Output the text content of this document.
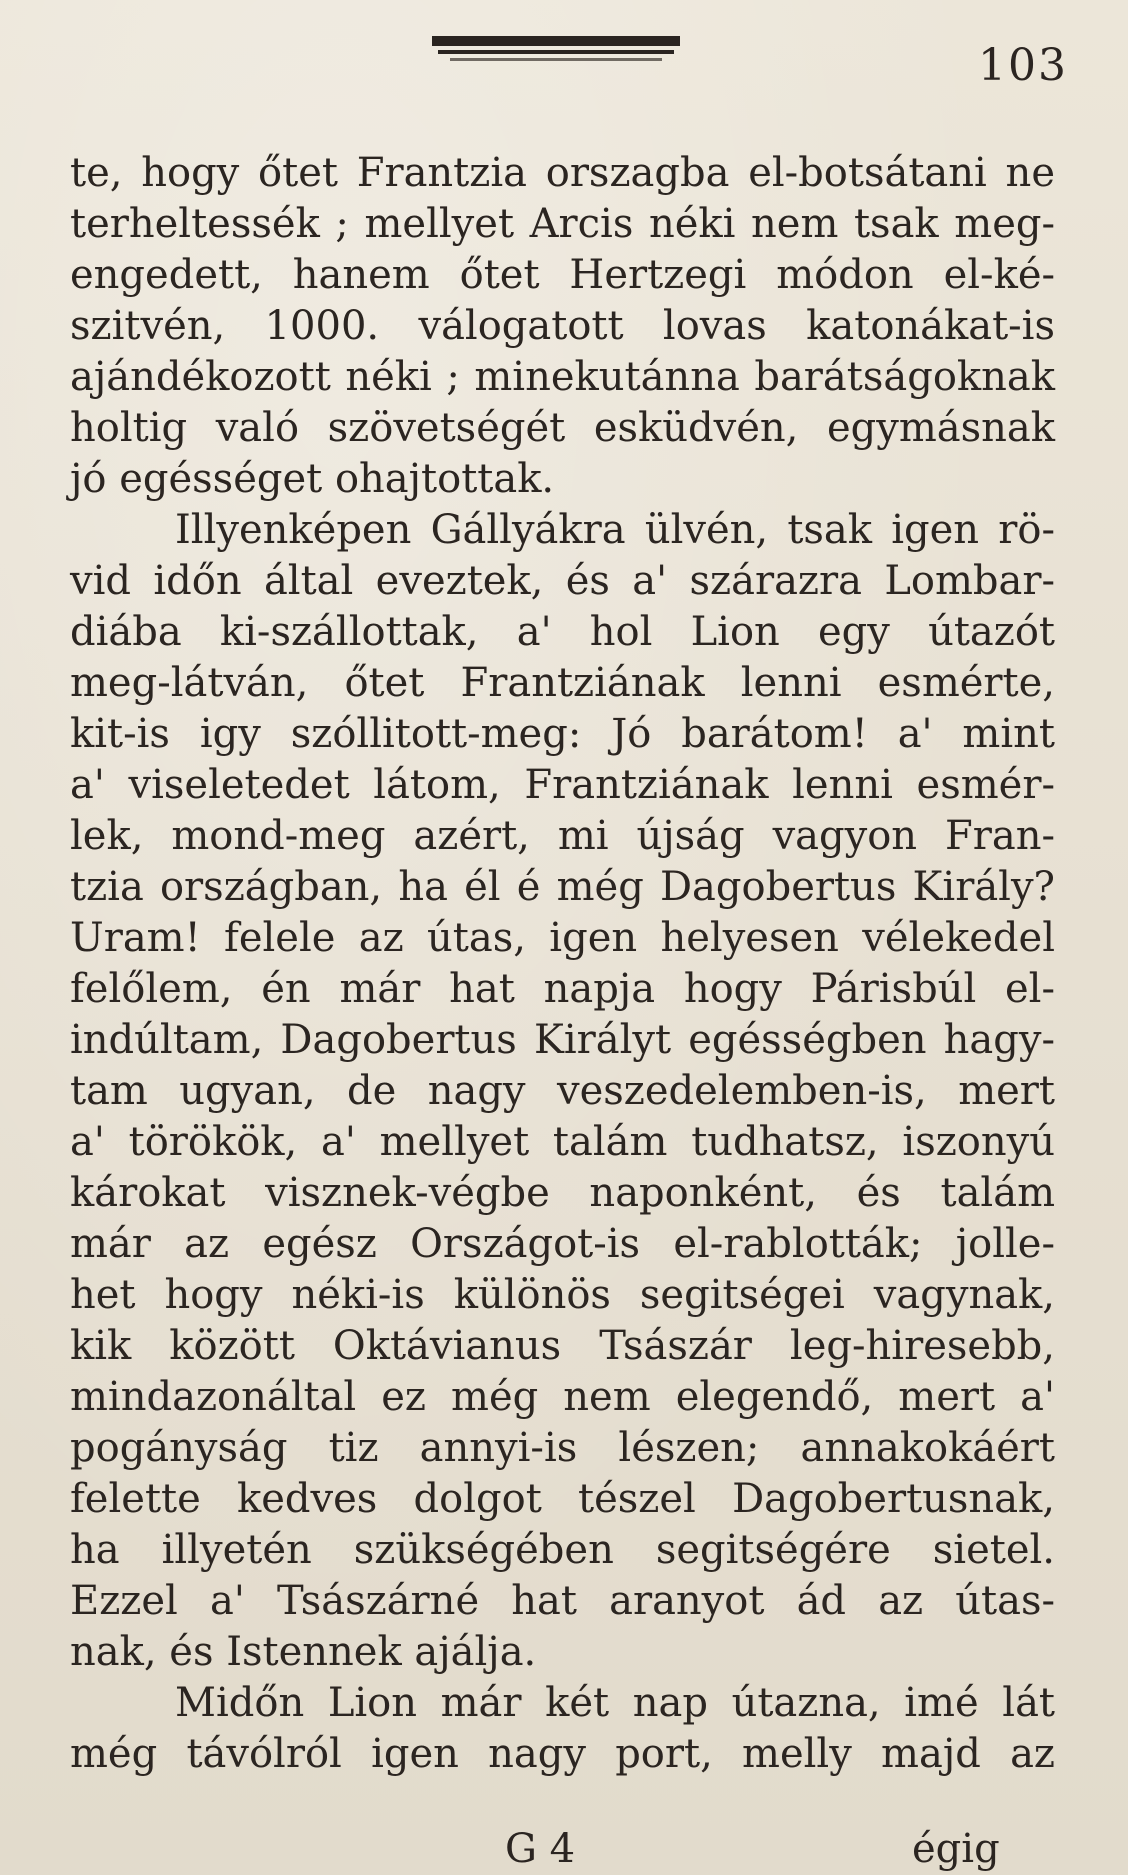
103
te, hogy őtet Frantzia orszagba el-botsátani ne
terheltessék ; mellyet Arcis néki nem tsak meg-
engedett, hanem őtet Hertzegi módon el-ké-
szitvén, 1000. válogatott lovas katonákat-is
ajándékozott néki ; minekutánna barátságoknak
holtig való szövetségét esküdvén, egymásnak
jó egésséget ohajtottak.
Illyenképen Gállyákra ülvén, tsak igen rö-
vid időn által eveztek, és a' szárazra Lombar-
diába ki-szállottak, a' hol Lion egy útazót
meg-látván, őtet Frantziának lenni esmérte,
kit-is igy szóllitott-meg: Jó barátom! a' mint
a' viseletedet látom, Frantziának lenni esmér-
lek, mond-meg azért, mi újság vagyon Fran-
tzia országban, ha él é még Dagobertus Király?
Uram! felele az útas, igen helyesen vélekedel
felőlem, én már hat napja hogy Párisbúl el-
indúltam, Dagobertus Királyt egésségben hagy-
tam ugyan, de nagy veszedelemben-is, mert
a' törökök, a' mellyet talám tudhatsz, iszonyú
károkat visznek-végbe naponként, és talám
már az egész Országot-is el-rablották; jolle-
het hogy néki-is különös segitségei vagynak,
kik között Oktávianus Tsászár leg-hiresebb,
mindazonáltal ez még nem elegendő, mert a'
pogányság tiz annyi-is lészen; annakokáért
felette kedves dolgot tészel Dagobertusnak,
ha illyetén szükségében segitségére sietel.
Ezzel a' Tsászárné hat aranyot ád az útas-
nak, és Istennek ajálja.
Midőn Lion már két nap útazna, imé lát
még távólról igen nagy port, melly majd az
G 4	égig
